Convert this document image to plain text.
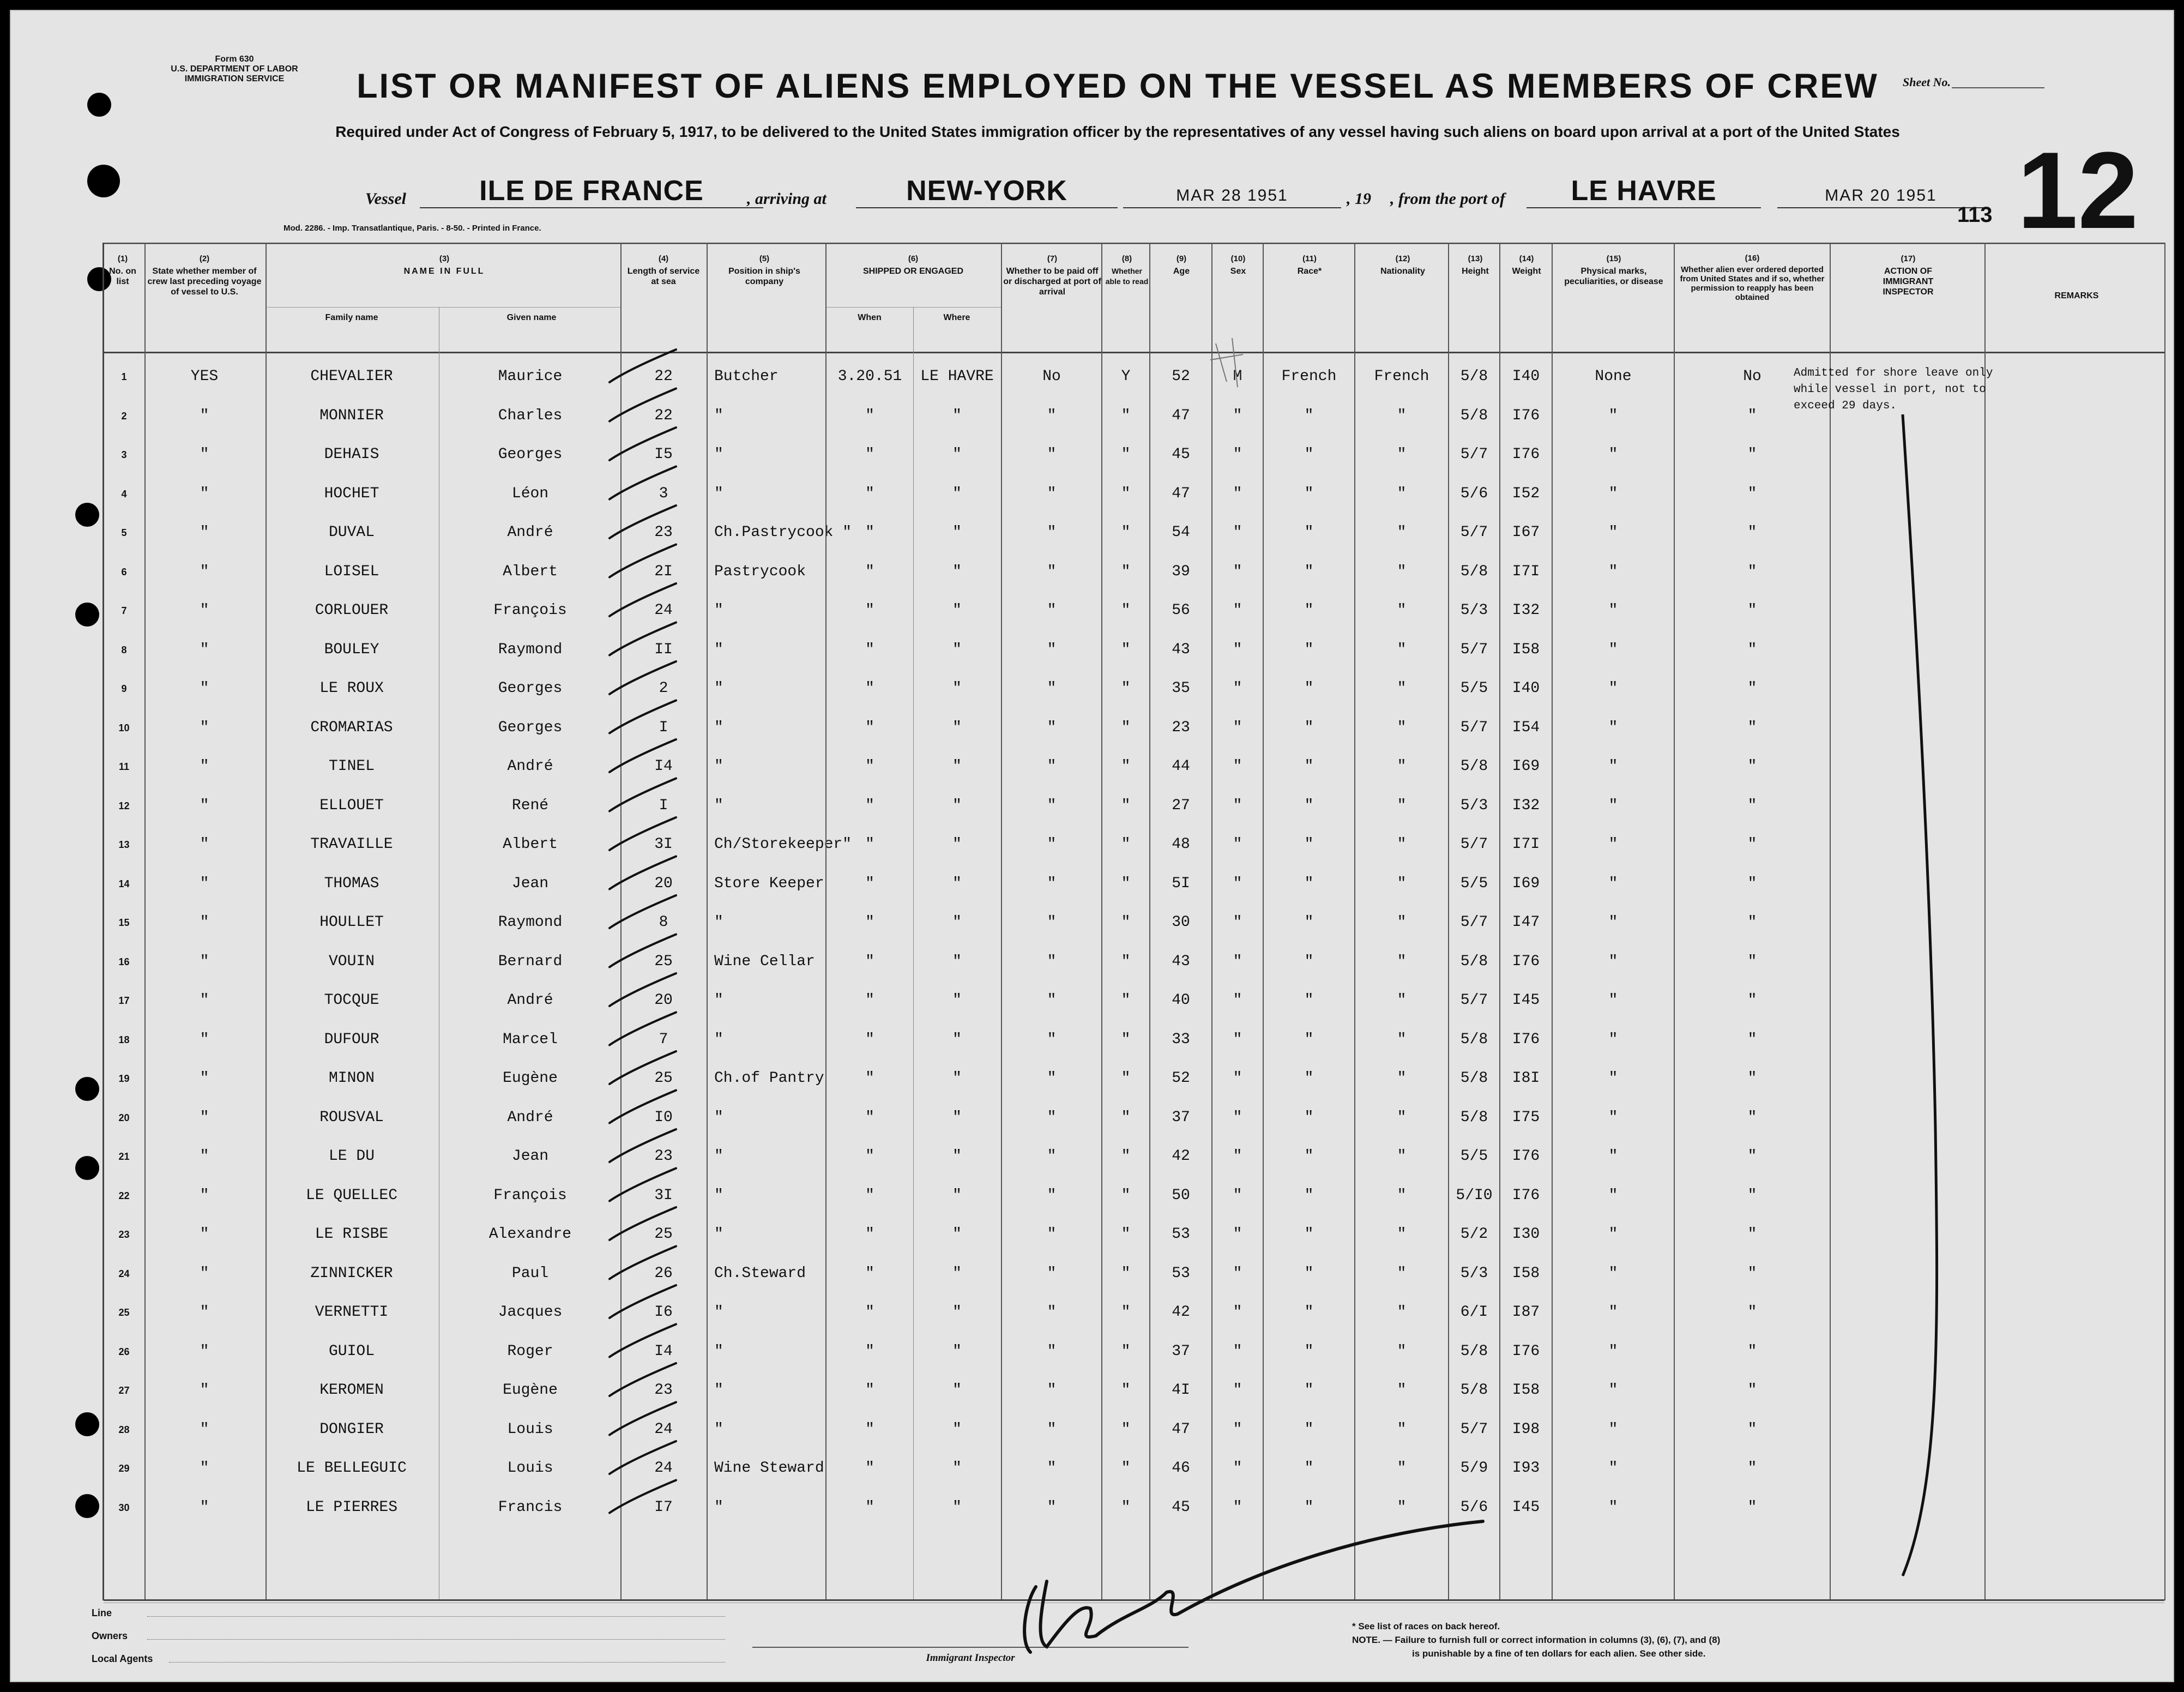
Form 630
U.S. DEPARTMENT OF LABOR
IMMIGRATION SERVICE	LIST OR MANIFEST OF ALIENS EMPLOYED ON THE VESSEL AS MEMBERS OF CREW	Sheet No.
Required under Act of Congress of February 5, 1917, to be delivered to the United States immigration officer by the representatives of any vessel having such aliens on board upon arrival at a port of the United States
Vessel	ILE DE FRANCE	, arriving at	NEW-YORK	MAR 28 1951	, 19 , from the port of	LE HAVRE	MAR 20 1951
113 12
Mod. 2286. - Imp. Transatlantique, Paris. - 8-50. - Printed in France.
(1)
No. on list
(2)
State whether member of crew last preceding voyage of vessel to U.S.
(3)
NAME IN FULL
Family name	Given name
(4)
Length of service at sea
(5)
Position in ship's company
(6)
SHIPPED OR ENGAGED
When	Where
(7)
Whether to be paid off or discharged at port of arrival
(8)
Whether able to read
(9)
Age
(10)
Sex
(11)
Race*
(12)
Nationality
(13)
Height
(14)
Weight
(15)
Physical marks, peculiarities, or disease
(16)
Whether alien ever ordered deported from United States and if so, whether permission to reapply has been obtained
(17)
ACTION OF IMMIGRANT INSPECTOR	REMARKS
1	YES	CHEVALIER	Maurice	22	Butcher	3.20.51	LE HAVRE	No	Y	52	M	French	French	5/8	I40	None	No
2	"	MONNIER	Charles	22	"	"	"	"	"	47	"	"	"	5/8	I76	"	"
3	"	DEHAIS	Georges	I5	"	"	"	"	"	45	"	"	"	5/7	I76	"	"
4	"	HOCHET	Léon	3	"	"	"	"	"	47	"	"	"	5/6	I52	"	"
5	"	DUVAL	André	23	Ch.Pastrycook " "	"	"	"	54	"	"	"	5/7	I67	"	"
6	"	LOISEL	Albert	2I	Pastrycook	"	"	"	"	39	"	"	"	5/8	I7I	"	"
7	"	CORLOUER	François	24	"	"	"	"	"	56	"	"	"	5/3	I32	"	"
8	"	BOULEY	Raymond	II	"	"	"	"	"	43	"	"	"	5/7	I58	"	"
9	"	LE ROUX	Georges	2	"	"	"	"	"	35	"	"	"	5/5	I40	"	"
10	"	CROMARIAS	Georges	I	"	"	"	"	"	23	"	"	"	5/7	I54	"	"
11	"	TINEL	André	I4	"	"	"	"	"	44	"	"	"	5/8	I69	"	"
12	"	ELLOUET	René	I	"	"	"	"	"	27	"	"	"	5/3	I32	"	"
13	"	TRAVAILLE	Albert	3I	Ch/Storekeeper" "	"	"	"	48	"	"	"	5/7	I7I	"	"
14	"	THOMAS	Jean	20	Store Keeper	"	"	"	"	5I	"	"	"	5/5	I69	"	"
15	"	HOULLET	Raymond	8	"	"	"	"	"	30	"	"	"	5/7	I47	"	"
16	"	VOUIN	Bernard	25	Wine Cellar	"	"	"	"	43	"	"	"	5/8	I76	"	"
17	"	TOCQUE	André	20	"	"	"	"	"	40	"	"	"	5/7	I45	"	"
18	"	DUFOUR	Marcel	7	"	"	"	"	"	33	"	"	"	5/8	I76	"	"
19	"	MINON	Eugène	25	Ch.of Pantry	"	"	"	"	52	"	"	"	5/8	I8I	"	"
20	"	ROUSVAL	André	I0	"	"	"	"	"	37	"	"	"	5/8	I75	"	"
21	"	LE DU	Jean	23	"	"	"	"	"	42	"	"	"	5/5	I76	"	"
22	"	LE QUELLEC	François	3I	"	"	"	"	"	50	"	"	"	5/I0	I76	"	"
23	"	LE RISBE	Alexandre	25	"	"	"	"	"	53	"	"	"	5/2	I30	"	"
24	"	ZINNICKER	Paul	26	Ch.Steward	"	"	"	"	53	"	"	"	5/3	I58	"	"
25	"	VERNETTI	Jacques	I6	"	"	"	"	"	42	"	"	"	6/I	I87	"	"
26	"	GUIOL	Roger	I4	"	"	"	"	"	37	"	"	"	5/8	I76	"	"
27	"	KEROMEN	Eugène	23	"	"	"	"	"	4I	"	"	"	5/8	I58	"	"
28	"	DONGIER	Louis	24	"	"	"	"	"	47	"	"	"	5/7	I98	"	"
29	"	LE BELLEGUIC	Louis	24	Wine Steward	"	"	"	"	46	"	"	"	5/9	I93	"	"
30	"	LE PIERRES	Francis	I7	"	"	"	"	"	45	"	"	"	5/6	I45	"	"
Admitted for shore leave only while vessel in port, not to exceed 29 days.
Line
Owners
Local Agents	Immigrant Inspector
* See list of races on back hereof.
NOTE. — Failure to furnish full or correct information in columns (3), (6), (7), and (8)
is punishable by a fine of ten dollars for each alien. See other side.
